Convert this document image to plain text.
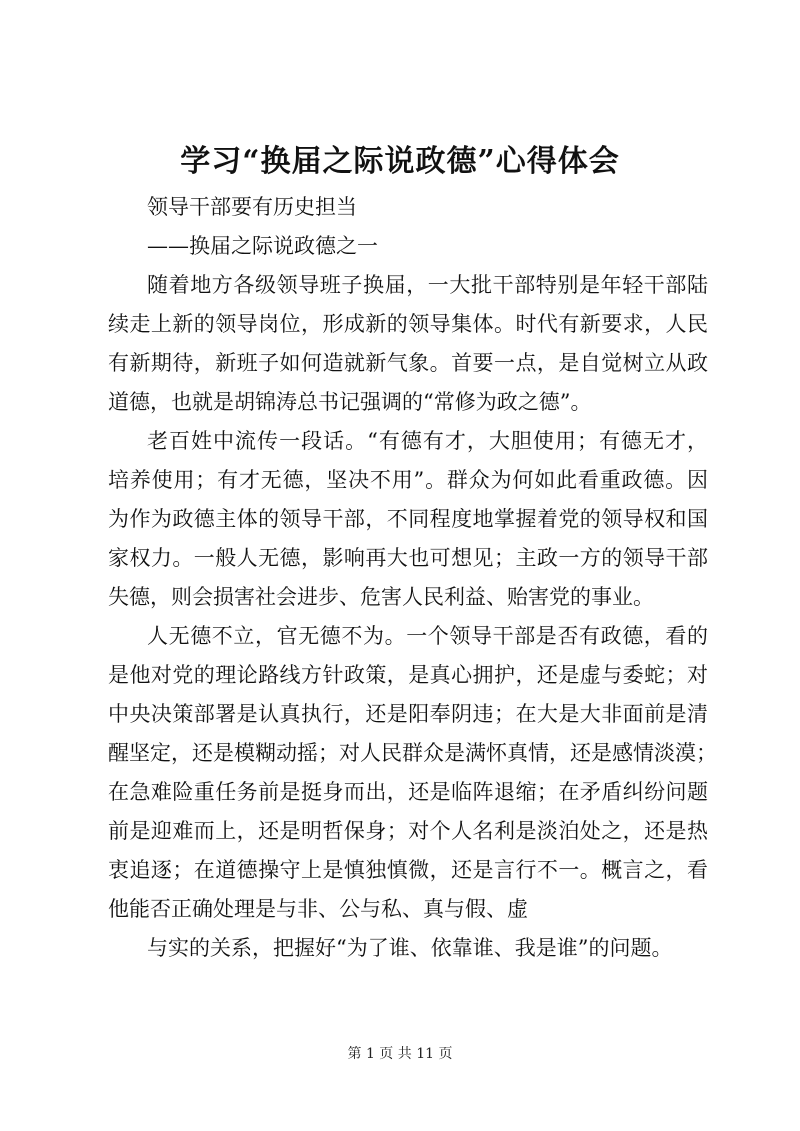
学习“换届之际说政德”心得体会
领导干部要有历史担当
——换届之际说政德之一
随着地方各级领导班子换届，一大批干部特别是年轻干部陆
续走上新的领导岗位，形成新的领导集体。时代有新要求，人民
有新期待，新班子如何造就新气象。首要一点，是自觉树立从政
道德，也就是胡锦涛总书记强调的“常修为政之德”。
老百姓中流传一段话。“有德有才，大胆使用；有德无才，
培养使用；有才无德，坚决不用”。群众为何如此看重政德。因
为作为政德主体的领导干部，不同程度地掌握着党的领导权和国
家权力。一般人无德，影响再大也可想见；主政一方的领导干部
失德，则会损害社会进步、危害人民利益、贻害党的事业。
人无德不立，官无德不为。一个领导干部是否有政德，看的
是他对党的理论路线方针政策，是真心拥护，还是虚与委蛇；对
中央决策部署是认真执行，还是阳奉阴违；在大是大非面前是清
醒坚定，还是模糊动摇；对人民群众是满怀真情，还是感情淡漠；
在急难险重任务前是挺身而出，还是临阵退缩；在矛盾纠纷问题
前是迎难而上，还是明哲保身；对个人名利是淡泊处之，还是热
衷追逐；在道德操守上是慎独慎微，还是言行不一。概言之，看
他能否正确处理是与非、公与私、真与假、虚
与实的关系，把握好“为了谁、依靠谁、我是谁”的问题。
第 1 页 共 11 页
